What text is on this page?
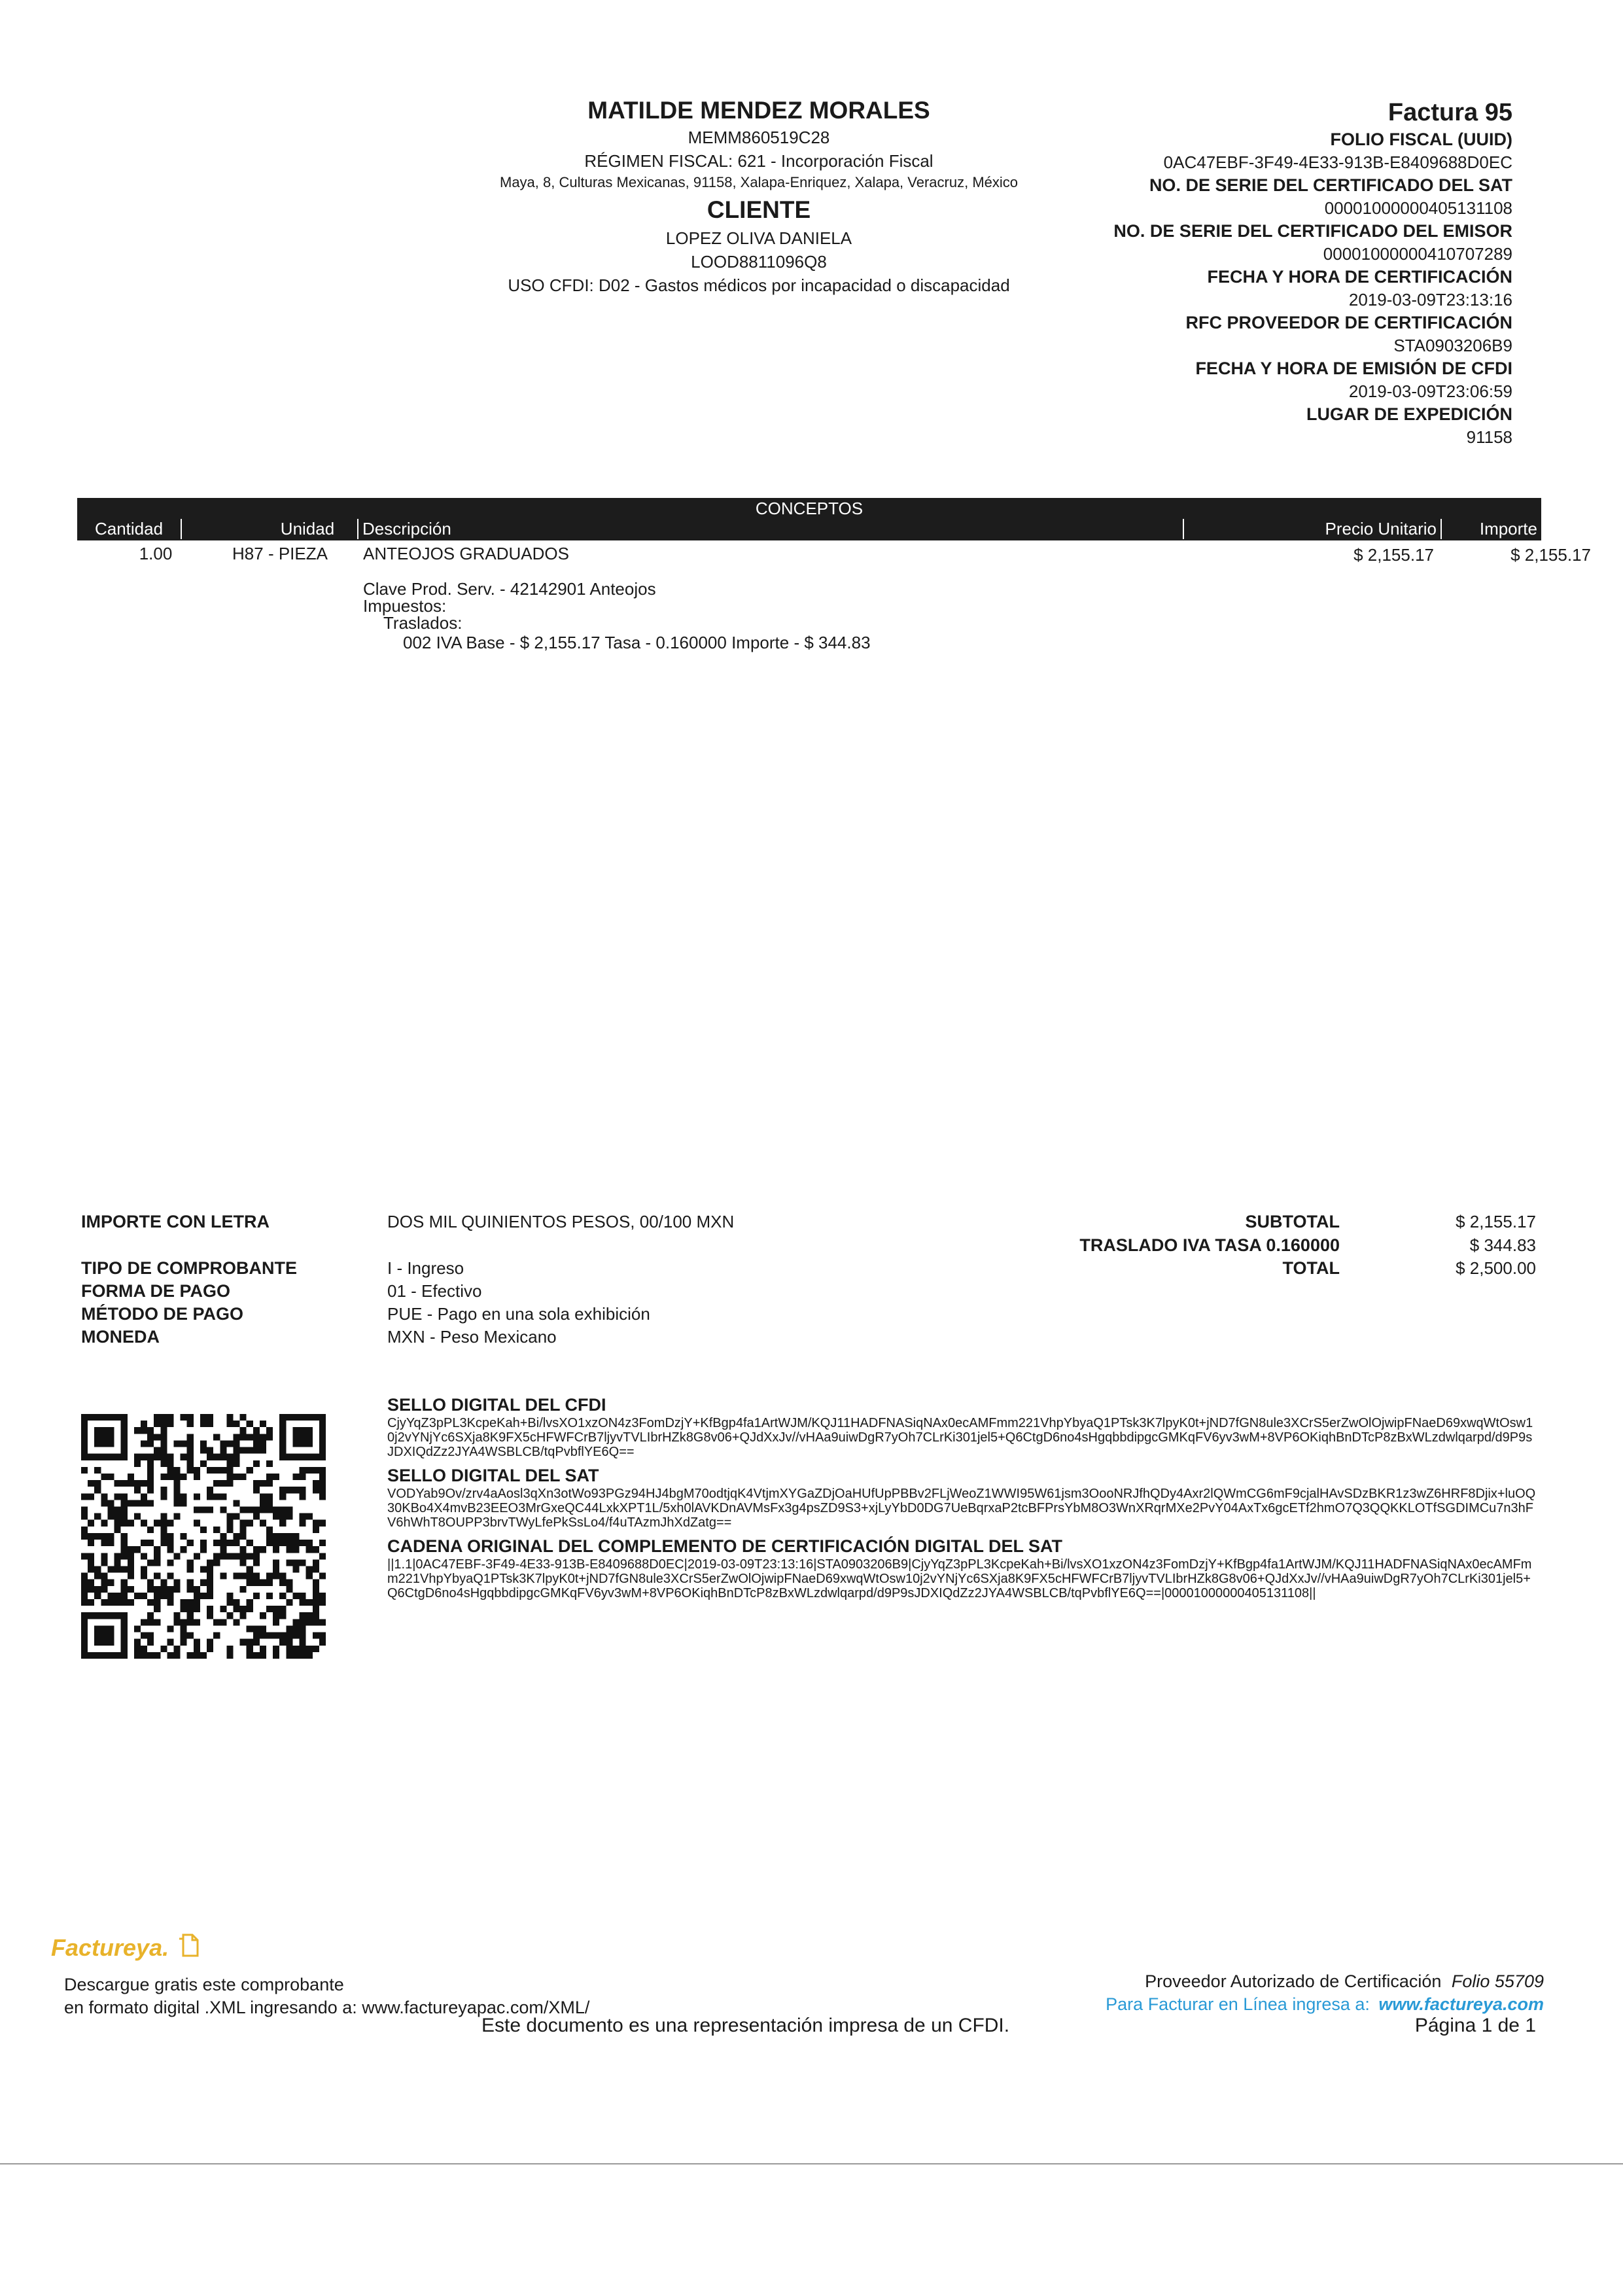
MATILDE MENDEZ MORALES
MEMM860519C28
RÉGIMEN FISCAL: 621 - Incorporación Fiscal
Maya, 8, Culturas Mexicanas, 91158, Xalapa-Enriquez, Xalapa, Veracruz, México
CLIENTE
LOPEZ OLIVA DANIELA
LOOD8811096Q8
USO CFDI: D02 - Gastos médicos por incapacidad o discapacidad
Factura 95
FOLIO FISCAL (UUID)
0AC47EBF-3F49-4E33-913B-E8409688D0EC
NO. DE SERIE DEL CERTIFICADO DEL SAT
00001000000405131108
NO. DE SERIE DEL CERTIFICADO DEL EMISOR
00001000000410707289
FECHA Y HORA DE CERTIFICACIÓN
2019-03-09T23:13:16
RFC PROVEEDOR DE CERTIFICACIÓN
STA0903206B9
FECHA Y HORA DE EMISIÓN DE CFDI
2019-03-09T23:06:59
LUGAR DE EXPEDICIÓN
91158
CONCEPTOS
Cantidad	Unidad	Descripción	Precio Unitario	Importe
1.00	H87 - PIEZA	ANTEOJOS GRADUADOS	$ 2,155.17	$ 2,155.17
Clave Prod. Serv. - 42142901 Anteojos
Impuestos:
Traslados:
002 IVA Base - $ 2,155.17 Tasa - 0.160000 Importe - $ 344.83
IMPORTE CON LETRA	DOS MIL QUINIENTOS PESOS, 00/100 MXN
TIPO DE COMPROBANTE	I - Ingreso
FORMA DE PAGO	01 - Efectivo
MÉTODO DE PAGO	PUE - Pago en una sola exhibición
MONEDA	MXN - Peso Mexicano
SUBTOTAL	$ 2,155.17
TRASLADO IVA TASA 0.160000	$ 344.83
TOTAL	$ 2,500.00
SELLO DIGITAL DEL CFDI
CjyYqZ3pPL3KcpeKah+Bi/lvsXO1xzON4z3FomDzjY+KfBgp4fa1ArtWJM/KQJ11HADFNASiqNAx0ecAMFmm221VhpYbyaQ1PTsk3K7lpyK0t+jND7fGN8ule3XCrS5erZwOlOjwipFNaeD69xwqWtOsw10j2vYNjYc6SXja8K9FX5cHFWFCrB7ljyvTVLIbrHZk8G8v06+QJdXxJv//vHAa9uiwDgR7yOh7CLrKi301jel5+Q6CtgD6no4sHgqbbdipgcGMKqFV6yv3wM+8VP6OKiqhBnDTcP8zBxWLzdwlqarpd/d9P9sJDXIQdZz2JYA4WSBLCB/tqPvbflYE6Q==
SELLO DIGITAL DEL SAT
VODYab9Ov/zrv4aAosl3qXn3otWo93PGz94HJ4bgM70odtjqK4VtjmXYGaZDjOaHUfUpPBBv2FLjWeoZ1WWI95W61jsm3OooNRJfhQDy4Axr2lQWmCG6mF9cjalHAvSDzBKR1z3wZ6HRF8Djix+luOQ30KBo4X4mvB23EEO3MrGxeQC44LxkXPT1L/5xh0lAVKDnAVMsFx3g4psZD9S3+xjLyYbD0DG7UeBqrxaP2tcBFPrsYbM8O3WnXRqrMXe2PvY04AxTx6gcETf2hmO7Q3QQKKLOTfSGDIMCu7n3hFV6hWhT8OUPP3brvTWyLfePkSsLo4/f4uTAzmJhXdZatg==
CADENA ORIGINAL DEL COMPLEMENTO DE CERTIFICACIÓN DIGITAL DEL SAT
||1.1|0AC47EBF-3F49-4E33-913B-E8409688D0EC|2019-03-09T23:13:16|STA0903206B9|CjyYqZ3pPL3KcpeKah+Bi/lvsXO1xzON4z3FomDzjY+KfBgp4fa1ArtWJM/KQJ11HADFNASiqNAx0ecAMFmm221VhpYbyaQ1PTsk3K7lpyK0t+jND7fGN8ule3XCrS5erZwOlOjwipFNaeD69xwqWtOsw10j2vYNjYc6SXja8K9FX5cHFWFCrB7ljyvTVLIbrHZk8G8v06+QJdXxJv//vHAa9uiwDgR7yOh7CLrKi301jel5+Q6CtgD6no4sHgqbbdipgcGMKqFV6yv3wM+8VP6OKiqhBnDTcP8zBxWLzdwlqarpd/d9P9sJDXIQdZz2JYA4WSBLCB/tqPvbflYE6Q==|00001000000405131108||
Factureya.
Descargue gratis este comprobante
en formato digital .XML ingresando a: www.factureyapac.com/XML/
Este documento es una representación impresa de un CFDI.
Proveedor Autorizado de Certificación Folio 55709
Para Facturar en Línea ingresa a: www.factureya.com
Página 1 de 1
